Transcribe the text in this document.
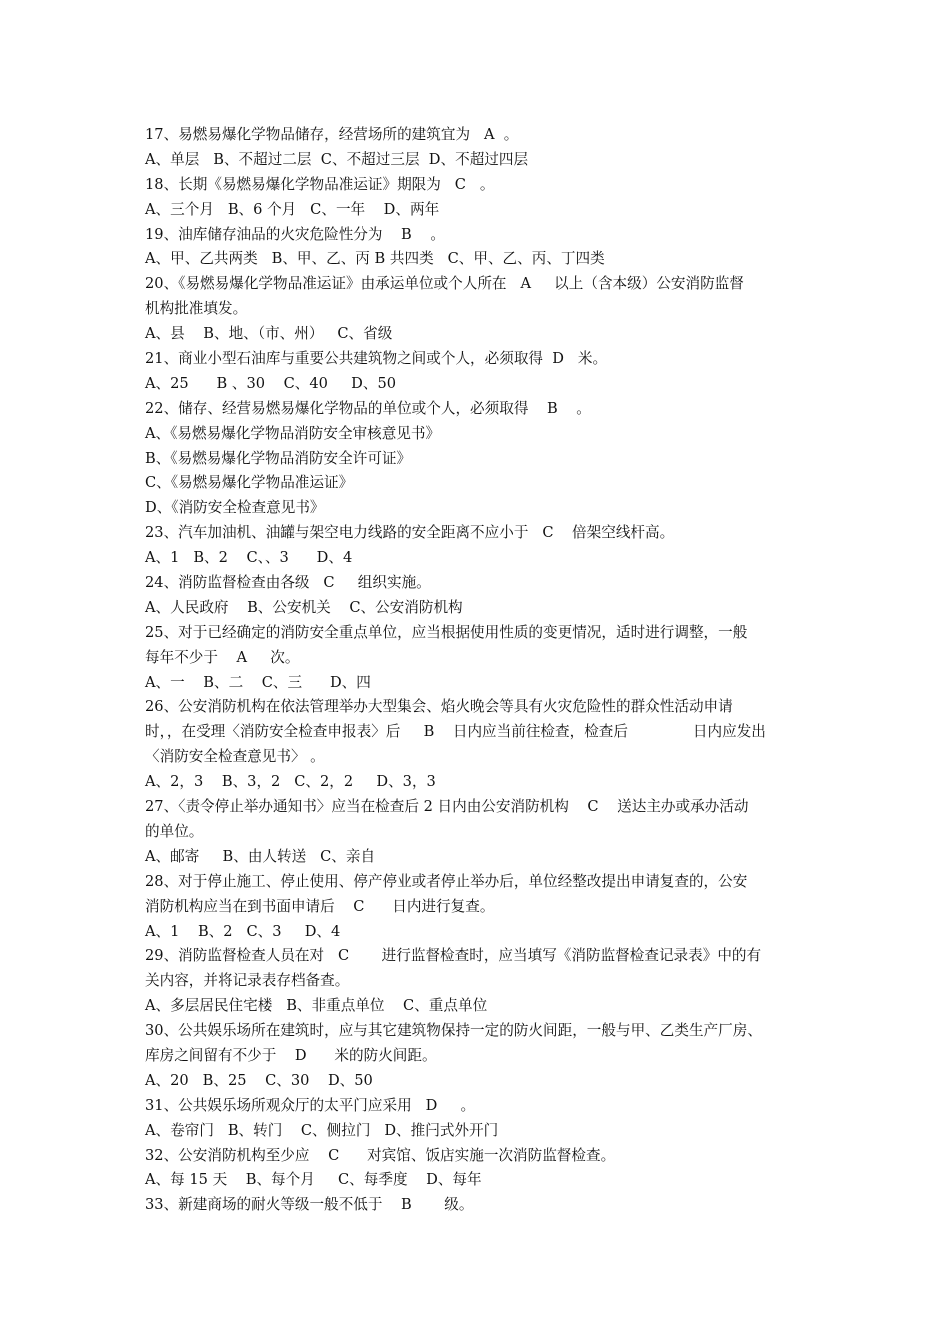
17、易燃易爆化学物品储存，经营场所的建筑宜为   A  。
A、单层   B、不超过二层  C、不超过三层  D、不超过四层
18、长期《易燃易爆化学物品准运证》期限为   C   。
A、三个月   B、6 个月   C、一年    D、两年
19、油库储存油品的火灾危险性分为    B    。
A、甲、乙共两类   B、甲、乙、丙 B 共四类   C、甲、乙、丙、丁四类
20、《易燃易爆化学物品准运证》由承运单位或个人所在   A     以上（含本级）公安消防监督
机构批准填发。
A、县    B、地、（市、州）   C、省级
21、商业小型石油库与重要公共建筑物之间或个人，必须取得  D   米。
A、25      B 、30    C、40     D、50
22、储存、经营易燃易爆化学物品的单位或个人，必须取得    B    。
A、《易燃易爆化学物品消防安全审核意见书》
B、《易燃易爆化学物品消防安全许可证》
C、《易燃易爆化学物品准运证》
D、《消防安全检查意见书》
23、汽车加油机、油罐与架空电力线路的安全距离不应小于   C    倍架空线杆高。
A、1   B、2    C、、3      D、4
24、消防监督检查由各级   C     组织实施。
A、人民政府    B、公安机关    C、公安消防机构
25、对于已经确定的消防安全重点单位，应当根据使用性质的变更情况，适时进行调整，一般
每年不少于    A     次。
A、一    B、二    C、三      D、四
26、公安消防机构在依法管理举办大型集会、焰火晚会等具有火灾危险性的群众性活动申请
时，，在受理〈消防安全检查申报表〉后     B    日内应当前往检查，检查后              日内应发出
〈消防安全检查意见书〉 。
A、2，3    B、3，2   C、2，2     D、3，3
27、〈责令停止举办通知书〉应当在检查后 2 日内由公安消防机构    C    送达主办或承办活动
的单位。
A、邮寄     B、由人转送   C、亲自
28、对于停止施工、停止使用、停产停业或者停止举办后，单位经整改提出申请复查的，公安
消防机构应当在到书面申请后    C      日内进行复查。
A、1    B、2   C、3     D、4
29、消防监督检查人员在对   C       进行监督检查时，应当填写《消防监督检查记录表》中的有
关内容，并将记录表存档备查。
A、多层居民住宅楼   B、非重点单位    C、重点单位
30、公共娱乐场所在建筑时，应与其它建筑物保持一定的防火间距，一般与甲、乙类生产厂房、
库房之间留有不少于    D      米的防火间距。
A、20   B、25    C、30    D、50
31、公共娱乐场所观众厅的太平门应采用   D     。
A、卷帘门   B、转门    C、侧拉门   D、推闩式外开门
32、公安消防机构至少应    C      对宾馆、饭店实施一次消防监督检查。
A、每 15 天    B、每个月     C、每季度    D、每年
33、新建商场的耐火等级一般不低于    B       级。
